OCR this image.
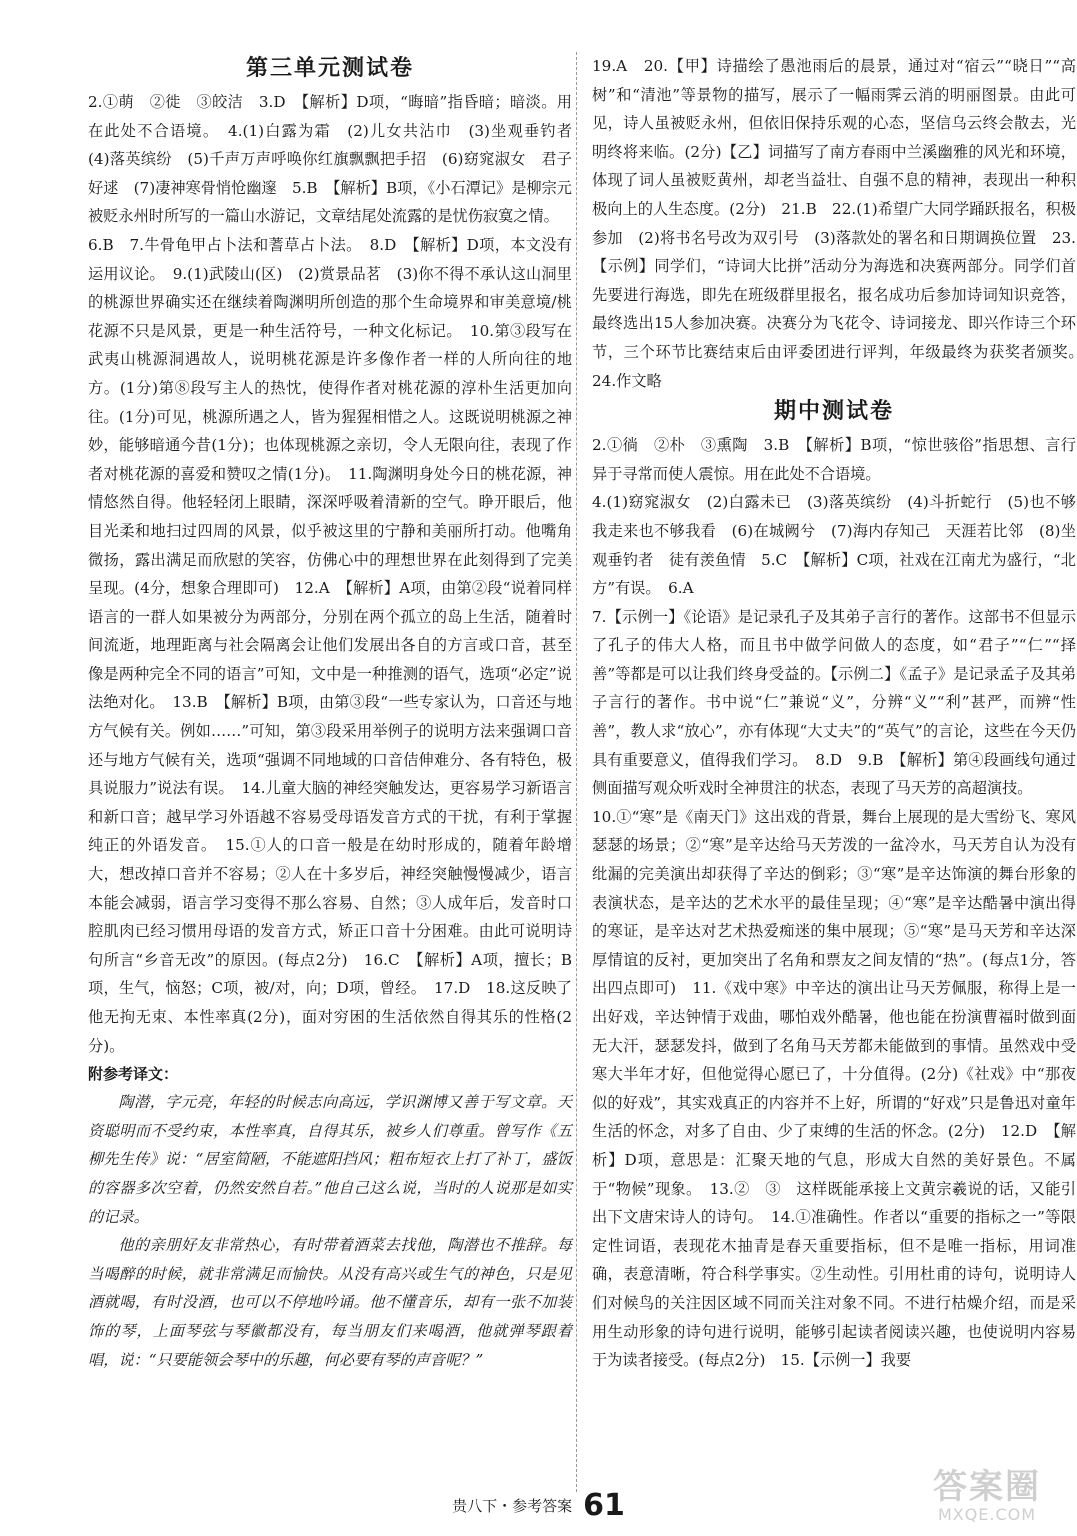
第三单元测试卷

2.①萌　②徙　③皎洁　3.D　【解析】D项，“晦暗”指昏暗；暗淡。用在此处不合语境。　4.(1)白露为霜　(2)儿女共沾巾　(3)坐观垂钓者　(4)落英缤纷　(5)千声万声呼唤你红旗飘飘把手招　(6)窈窕淑女　君子好逑　(7)凄神寒骨悄怆幽邃　5.B　【解析】B项，《小石潭记》是柳宗元被贬永州时所写的一篇山水游记，文章结尾处流露的是忧伤寂寞之情。

6.B　7.牛骨龟甲占卜法和蓍草占卜法。　8.D　【解析】D项，本文没有运用议论。　9.(1)武陵山(区)　(2)赏景品茗　(3)你不得不承认这山洞里的桃源世界确实还在继续着陶渊明所创造的那个生命境界和审美意境/桃花源不只是风景，更是一种生活符号，一种文化标记。　10.第③段写在武夷山桃源洞遇故人，说明桃花源是许多像作者一样的人所向往的地方。(1分)第⑧段写主人的热忱，使得作者对桃花源的淳朴生活更加向往。(1分)可见，桃源所遇之人，皆为猩猩相惜之人。这既说明桃源之神妙，能够暗通今昔(1分)；也体现桃源之亲切，令人无限向往，表现了作者对桃花源的喜爱和赞叹之情(1分)。　11.陶渊明身处今日的桃花源，神情悠然自得。他轻轻闭上眼睛，深深呼吸着清新的空气。睁开眼后，他目光柔和地扫过四周的风景，似乎被这里的宁静和美丽所打动。他嘴角微扬，露出满足而欣慰的笑容，仿佛心中的理想世界在此刻得到了完美呈现。(4分，想象合理即可)　12.A　【解析】A项，由第②段“说着同样语言的一群人如果被分为两部分，分别在两个孤立的岛上生活，随着时间流逝，地理距离与社会隔离会让他们发展出各自的方言或口音，甚至像是两种完全不同的语言”可知，文中是一种推测的语气，选项“必定”说法绝对化。　13.B　【解析】B项，由第③段“一些专家认为，口音还与地方气候有关。例如……”可知，第③段采用举例子的说明方法来强调口音还与地方气候有关，选项“强调不同地域的口音佶伸难分、各有特色，极具说服力”说法有误。　14.儿童大脑的神经突触发达，更容易学习新语言和新口音；越早学习外语越不容易受母语发音方式的干扰，有利于掌握纯正的外语发音。　15.①人的口音一般是在幼时形成的，随着年龄增大，想改掉口音并不容易；②人在十多岁后，神经突触慢慢减少，语言本能会减弱，语言学习变得不那么容易、自然；③人成年后，发音时口腔肌肉已经习惯用母语的发音方式，矫正口音十分困难。由此可说明诗句所言“乡音无改”的原因。(每点2分)　16.C　【解析】A项，擅长；B项，生气，恼怒；C项，被/对，向；D项，曾经。　17.D　18.这反映了他无拘无束、本性率真(2分)，面对穷困的生活依然自得其乐的性格(2分)。

附参考译文：

陶潜，字元亮，年轻的时候志向高远，学识渊博又善于写文章。天资聪明而不受约束，本性率真，自得其乐，被乡人们尊重。曾写作《五柳先生传》说：“居室简陋，不能遮阳挡风；粗布短衣上打了补丁，盛饭的容器多次空着，仍然安然自若。”他自己这么说，当时的人说那是如实的记录。

他的亲朋好友非常热心，有时带着酒菜去找他，陶潜也不推辞。每当喝醉的时候，就非常满足而愉快。从没有高兴或生气的神色，只是见酒就喝，有时没酒，也可以不停地吟诵。他不懂音乐，却有一张不加装饰的琴，上面琴弦与琴徽都没有，每当朋友们来喝酒，他就弹琴跟着唱，说：“只要能领会琴中的乐趣，何必要有琴的声音呢？”

19.A　20.【甲】诗描绘了愚池雨后的晨景，通过对“宿云”“晓日”“高树”和“清池”等景物的描写，展示了一幅雨霁云消的明丽图景。由此可见，诗人虽被贬永州，但依旧保持乐观的心态，坚信乌云终会散去，光明终将来临。(2分)【乙】词描写了南方春雨中兰溪幽雅的风光和环境，体现了词人虽被贬黄州，却老当益壮、自强不息的精神，表现出一种积极向上的人生态度。(2分)　21.B　22.(1)希望广大同学踊跃报名，积极参加　(2)将书名号改为双引号　(3)落款处的署名和日期调换位置　23.【示例】同学们，“诗词大比拼”活动分为海选和决赛两部分。同学们首先要进行海选，即先在班级群里报名，报名成功后参加诗词知识竞答，最终选出15人参加决赛。决赛分为飞花令、诗词接龙、即兴作诗三个环节，三个环节比赛结束后由评委团进行评判，年级最终为获奖者颁奖。　24.作文略

期中测试卷

2.①徜　②朴　③熏陶　3.B　【解析】B项，“惊世骇俗”指思想、言行异于寻常而使人震惊。用在此处不合语境。

4.(1)窈窕淑女　(2)白露未已　(3)落英缤纷　(4)斗折蛇行　(5)也不够我走来也不够我看　(6)在城阙兮　(7)海内存知己　天涯若比邻　(8)坐观垂钓者　徒有羡鱼情　5.C　【解析】C项，社戏在江南尤为盛行，“北方”有误。　6.A

7.【示例一】《论语》是记录孔子及其弟子言行的著作。这部书不但显示了孔子的伟大人格，而且书中做学问做人的态度，如“君子”“仁”“择善”等都是可以让我们终身受益的。【示例二】《孟子》是记录孟子及其弟子言行的著作。书中说“仁”兼说“义”，分辨“义”“利”甚严，而辨“性善”，教人求“放心”，亦有体现“大丈夫”的“英气”的言论，这些在今天仍具有重要意义，值得我们学习。　8.D　9.B　【解析】第④段画线句通过侧面描写观众听戏时全神贯注的状态，表现了马天芳的高超演技。

10.①“寒”是《南天门》这出戏的背景，舞台上展现的是大雪纷飞、寒风瑟瑟的场景；②“寒”是辛达给马天芳泼的一盆冷水，马天芳自认为没有纰漏的完美演出却获得了辛达的倒彩；③“寒”是辛达饰演的舞台形象的表演状态，是辛达的艺术水平的最佳呈现；④“寒”是辛达酷暑中演出得的寒证，是辛达对艺术热爱痴迷的集中展现；⑤“寒”是马天芳和辛达深厚情谊的反衬，更加突出了名角和票友之间友情的“热”。(每点1分，答出四点即可)　11.《戏中寒》中辛达的演出让马天芳佩服，称得上是一出好戏，辛达钟情于戏曲，哪怕戏外酷暑，他也能在扮演曹福时做到面无大汗，瑟瑟发抖，做到了名角马天芳都未能做到的事情。虽然戏中受寒大半年才好，但他觉得心愿已了，十分值得。(2分)《社戏》中“那夜似的好戏”，其实戏真正的内容并不上好，所谓的“好戏”只是鲁迅对童年生活的怀念，对多了自由、少了束缚的生活的怀念。(2分)　12.D　【解析】D项，意思是：汇聚天地的气息，形成大自然的美好景色。不属于“物候”现象。　13.②　③　这样既能承接上文黄宗羲说的话，又能引出下文唐宋诗人的诗句。　14.①准确性。作者以“重要的指标之一”等限定性词语，表现花木抽青是春天重要指标，但不是唯一指标，用词准确，表意清晰，符合科学事实。②生动性。引用杜甫的诗句，说明诗人们对候鸟的关注因区域不同而关注对象不同。不进行枯燥介绍，而是采用生动形象的诗句进行说明，能够引起读者阅读兴趣，也使说明内容易于为读者接受。(每点2分)　15.【示例一】我要

贵八下・参考答案 61	答案圈
MXQE.COM
